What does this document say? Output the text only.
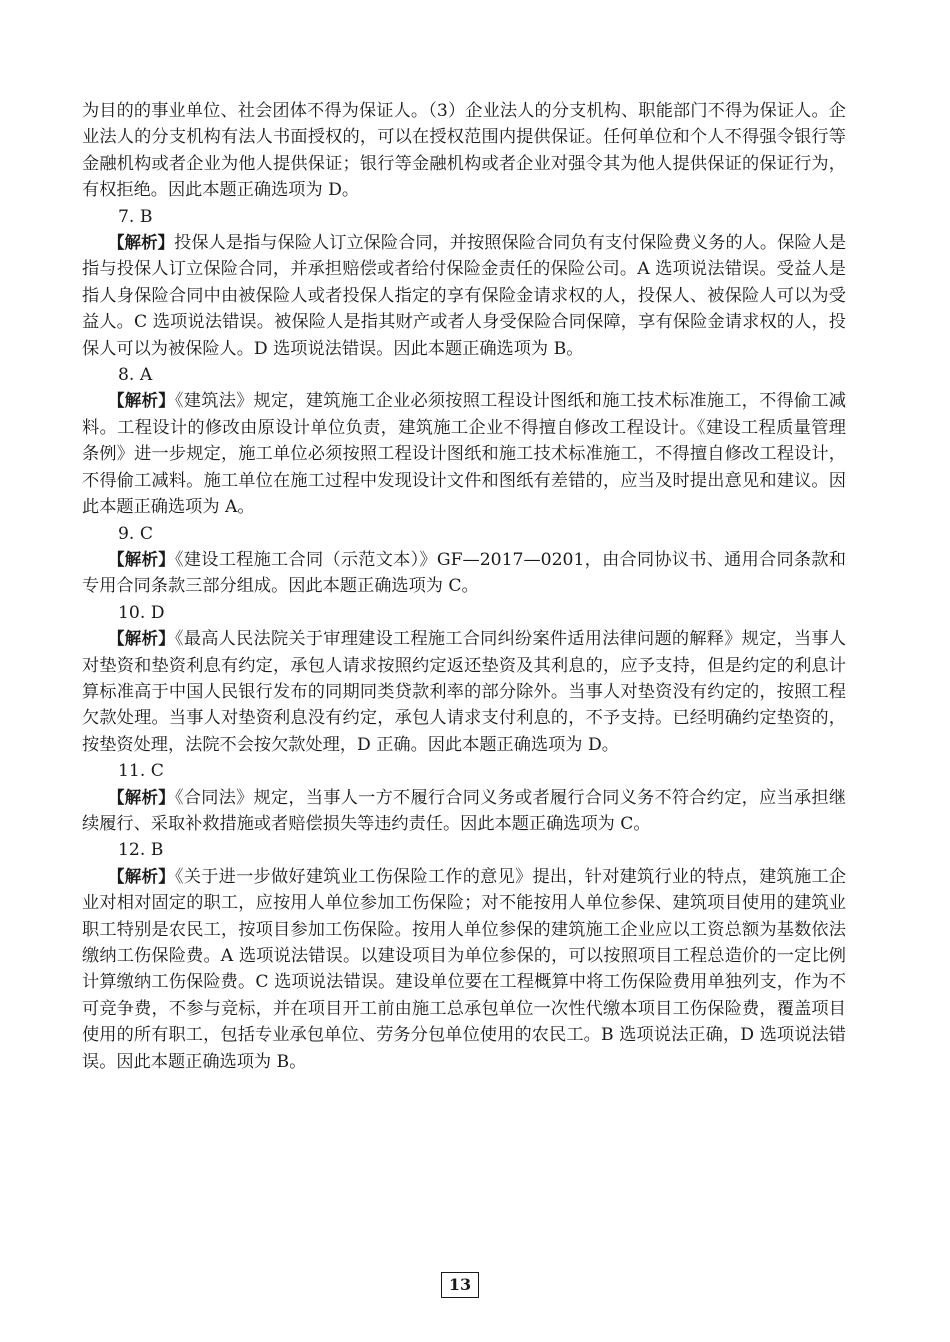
为目的的事业单位、社会团体不得为保证人。（3）企业法人的分支机构、职能部门不得为保证人。企业法人的分支机构有法人书面授权的，可以在授权范围内提供保证。任何单位和个人不得强令银行等金融机构或者企业为他人提供保证；银行等金融机构或者企业对强令其为他人提供保证的保证行为，有权拒绝。因此本题正确选项为 D。

7. B

【解析】投保人是指与保险人订立保险合同，并按照保险合同负有支付保险费义务的人。保险人是指与投保人订立保险合同，并承担赔偿或者给付保险金责任的保险公司。A 选项说法错误。受益人是指人身保险合同中由被保险人或者投保人指定的享有保险金请求权的人，投保人、被保险人可以为受益人。C 选项说法错误。被保险人是指其财产或者人身受保险合同保障，享有保险金请求权的人，投保人可以为被保险人。D 选项说法错误。因此本题正确选项为 B。

8. A

【解析】《建筑法》规定，建筑施工企业必须按照工程设计图纸和施工技术标准施工，不得偷工减料。工程设计的修改由原设计单位负责，建筑施工企业不得擅自修改工程设计。《建设工程质量管理条例》进一步规定，施工单位必须按照工程设计图纸和施工技术标准施工，不得擅自修改工程设计，不得偷工减料。施工单位在施工过程中发现设计文件和图纸有差错的，应当及时提出意见和建议。因此本题正确选项为 A。

9. C

【解析】《建设工程施工合同（示范文本）》GF—2017—0201，由合同协议书、通用合同条款和专用合同条款三部分组成。因此本题正确选项为 C。

10. D

【解析】《最高人民法院关于审理建设工程施工合同纠纷案件适用法律问题的解释》规定，当事人对垫资和垫资利息有约定，承包人请求按照约定返还垫资及其利息的，应予支持，但是约定的利息计算标准高于中国人民银行发布的同期同类贷款利率的部分除外。当事人对垫资没有约定的，按照工程欠款处理。当事人对垫资利息没有约定，承包人请求支付利息的，不予支持。已经明确约定垫资的，按垫资处理，法院不会按欠款处理，D 正确。因此本题正确选项为 D。

11. C

【解析】《合同法》规定，当事人一方不履行合同义务或者履行合同义务不符合约定，应当承担继续履行、采取补救措施或者赔偿损失等违约责任。因此本题正确选项为 C。

12. B

【解析】《关于进一步做好建筑业工伤保险工作的意见》提出，针对建筑行业的特点，建筑施工企业对相对固定的职工，应按用人单位参加工伤保险；对不能按用人单位参保、建筑项目使用的建筑业职工特别是农民工，按项目参加工伤保险。按用人单位参保的建筑施工企业应以工资总额为基数依法缴纳工伤保险费。A 选项说法错误。以建设项目为单位参保的，可以按照项目工程总造价的一定比例计算缴纳工伤保险费。C 选项说法错误。建设单位要在工程概算中将工伤保险费用单独列支，作为不可竞争费，不参与竞标，并在项目开工前由施工总承包单位一次性代缴本项目工伤保险费，覆盖项目使用的所有职工，包括专业承包单位、劳务分包单位使用的农民工。B 选项说法正确，D 选项说法错误。因此本题正确选项为 B。

13
